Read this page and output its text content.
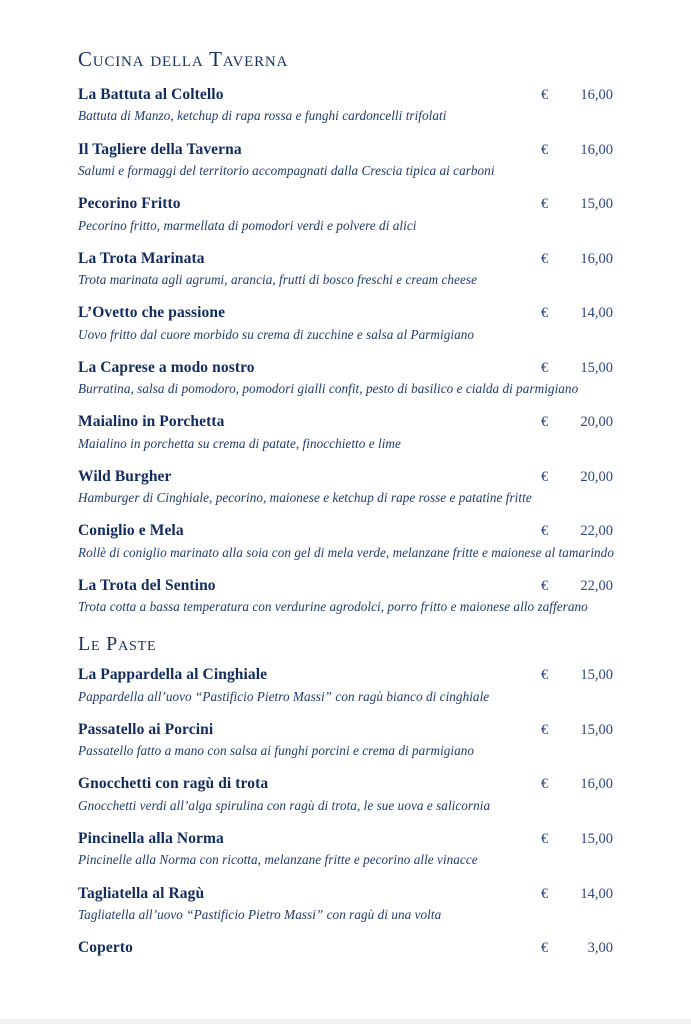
Cucina della Taverna
La Battuta al Coltello	€	16,00
Battuta di Manzo, ketchup di rapa rossa e funghi cardoncelli trifolati
Il Tagliere della Taverna	€	16,00
Salumi e formaggi del territorio accompagnati dalla Crescia tipica ai carboni
Pecorino Fritto	€	15,00
Pecorino fritto, marmellata di pomodori verdi e polvere di alici
La Trota Marinata	€	16,00
Trota marinata agli agrumi, arancia, frutti di bosco freschi e cream cheese
L’Ovetto che passione	€	14,00
Uovo fritto dal cuore morbido su crema di zucchine e salsa al Parmigiano
La Caprese a modo nostro	€	15,00
Burratina, salsa di pomodoro, pomodori gialli confit, pesto di basilico e cialda di parmigiano
Maialino in Porchetta	€	20,00
Maialino in porchetta su crema di patate, finocchietto e lime
Wild Burgher	€	20,00
Hamburger di Cinghiale, pecorino, maionese e ketchup di rape rosse e patatine fritte
Coniglio e Mela	€	22,00
Rollè di coniglio marinato alla soia con gel di mela verde, melanzane fritte e maionese al tamarindo
La Trota del Sentino	€	22,00
Trota cotta a bassa temperatura con verdurine agrodolci, porro fritto e maionese allo zafferano
Le Paste
La Pappardella al Cinghiale	€	15,00
Pappardella all’uovo “Pastificio Pietro Massi” con ragù bianco di cinghiale
Passatello ai Porcini	€	15,00
Passatello fatto a mano con salsa ai funghi porcini e crema di parmigiano
Gnocchetti con ragù di trota	€	16,00
Gnocchetti verdi all’alga spirulina con ragù di trota, le sue uova e salicornia
Pincinella alla Norma	€	15,00
Pincinelle alla Norma con ricotta, melanzane fritte e pecorino alle vinacce
Tagliatella al Ragù	€	14,00
Tagliatella all’uovo “Pastificio Pietro Massi” con ragù di una volta
Coperto	€	3,00
